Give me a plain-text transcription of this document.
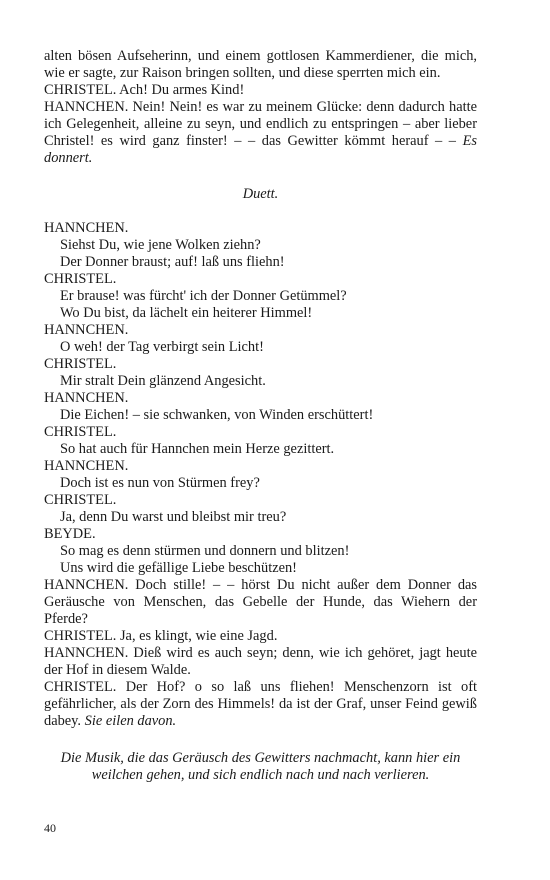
alten bösen Aufseherinn, und einem gottlosen Kammerdiener, die mich, wie er sagte, zur Raison bringen sollten, und diese sperrten mich ein.

CHRISTEL. Ach! Du armes Kind!

HANNCHEN. Nein! Nein! es war zu meinem Glücke: denn dadurch hatte ich Gelegenheit, alleine zu seyn, und endlich zu entspringen – aber lieber Christel! es wird ganz finster! – – das Gewitter kömmt herauf – – Es donnert.

Duett.

HANNCHEN.

Siehst Du, wie jene Wolken ziehn?

Der Donner braust; auf! laß uns fliehn!

CHRISTEL.

Er brause! was fürcht' ich der Donner Getümmel?

Wo Du bist, da lächelt ein heiterer Himmel!

HANNCHEN.

O weh! der Tag verbirgt sein Licht!

CHRISTEL.

Mir stralt Dein glänzend Angesicht.

HANNCHEN.

Die Eichen! – sie schwanken, von Winden erschüttert!

CHRISTEL.

So hat auch für Hannchen mein Herze gezittert.

HANNCHEN.

Doch ist es nun von Stürmen frey?

CHRISTEL.

Ja, denn Du warst und bleibst mir treu?

BEYDE.

So mag es denn stürmen und donnern und blitzen!

Uns wird die gefällige Liebe beschützen!

HANNCHEN. Doch stille! – – hörst Du nicht außer dem Donner das Geräusche von Menschen, das Gebelle der Hunde, das Wiehern der Pferde?

CHRISTEL. Ja, es klingt, wie eine Jagd.

HANNCHEN. Dieß wird es auch seyn; denn, wie ich gehöret, jagt heute der Hof in diesem Walde.

CHRISTEL. Der Hof? o so laß uns fliehen! Menschenzorn ist oft gefährlicher, als der Zorn des Himmels! da ist der Graf, unser Feind gewiß dabey. Sie eilen davon.

Die Musik, die das Geräusch des Gewitters nachmacht, kann hier ein weilchen gehen, und sich endlich nach und nach verlieren.

40
